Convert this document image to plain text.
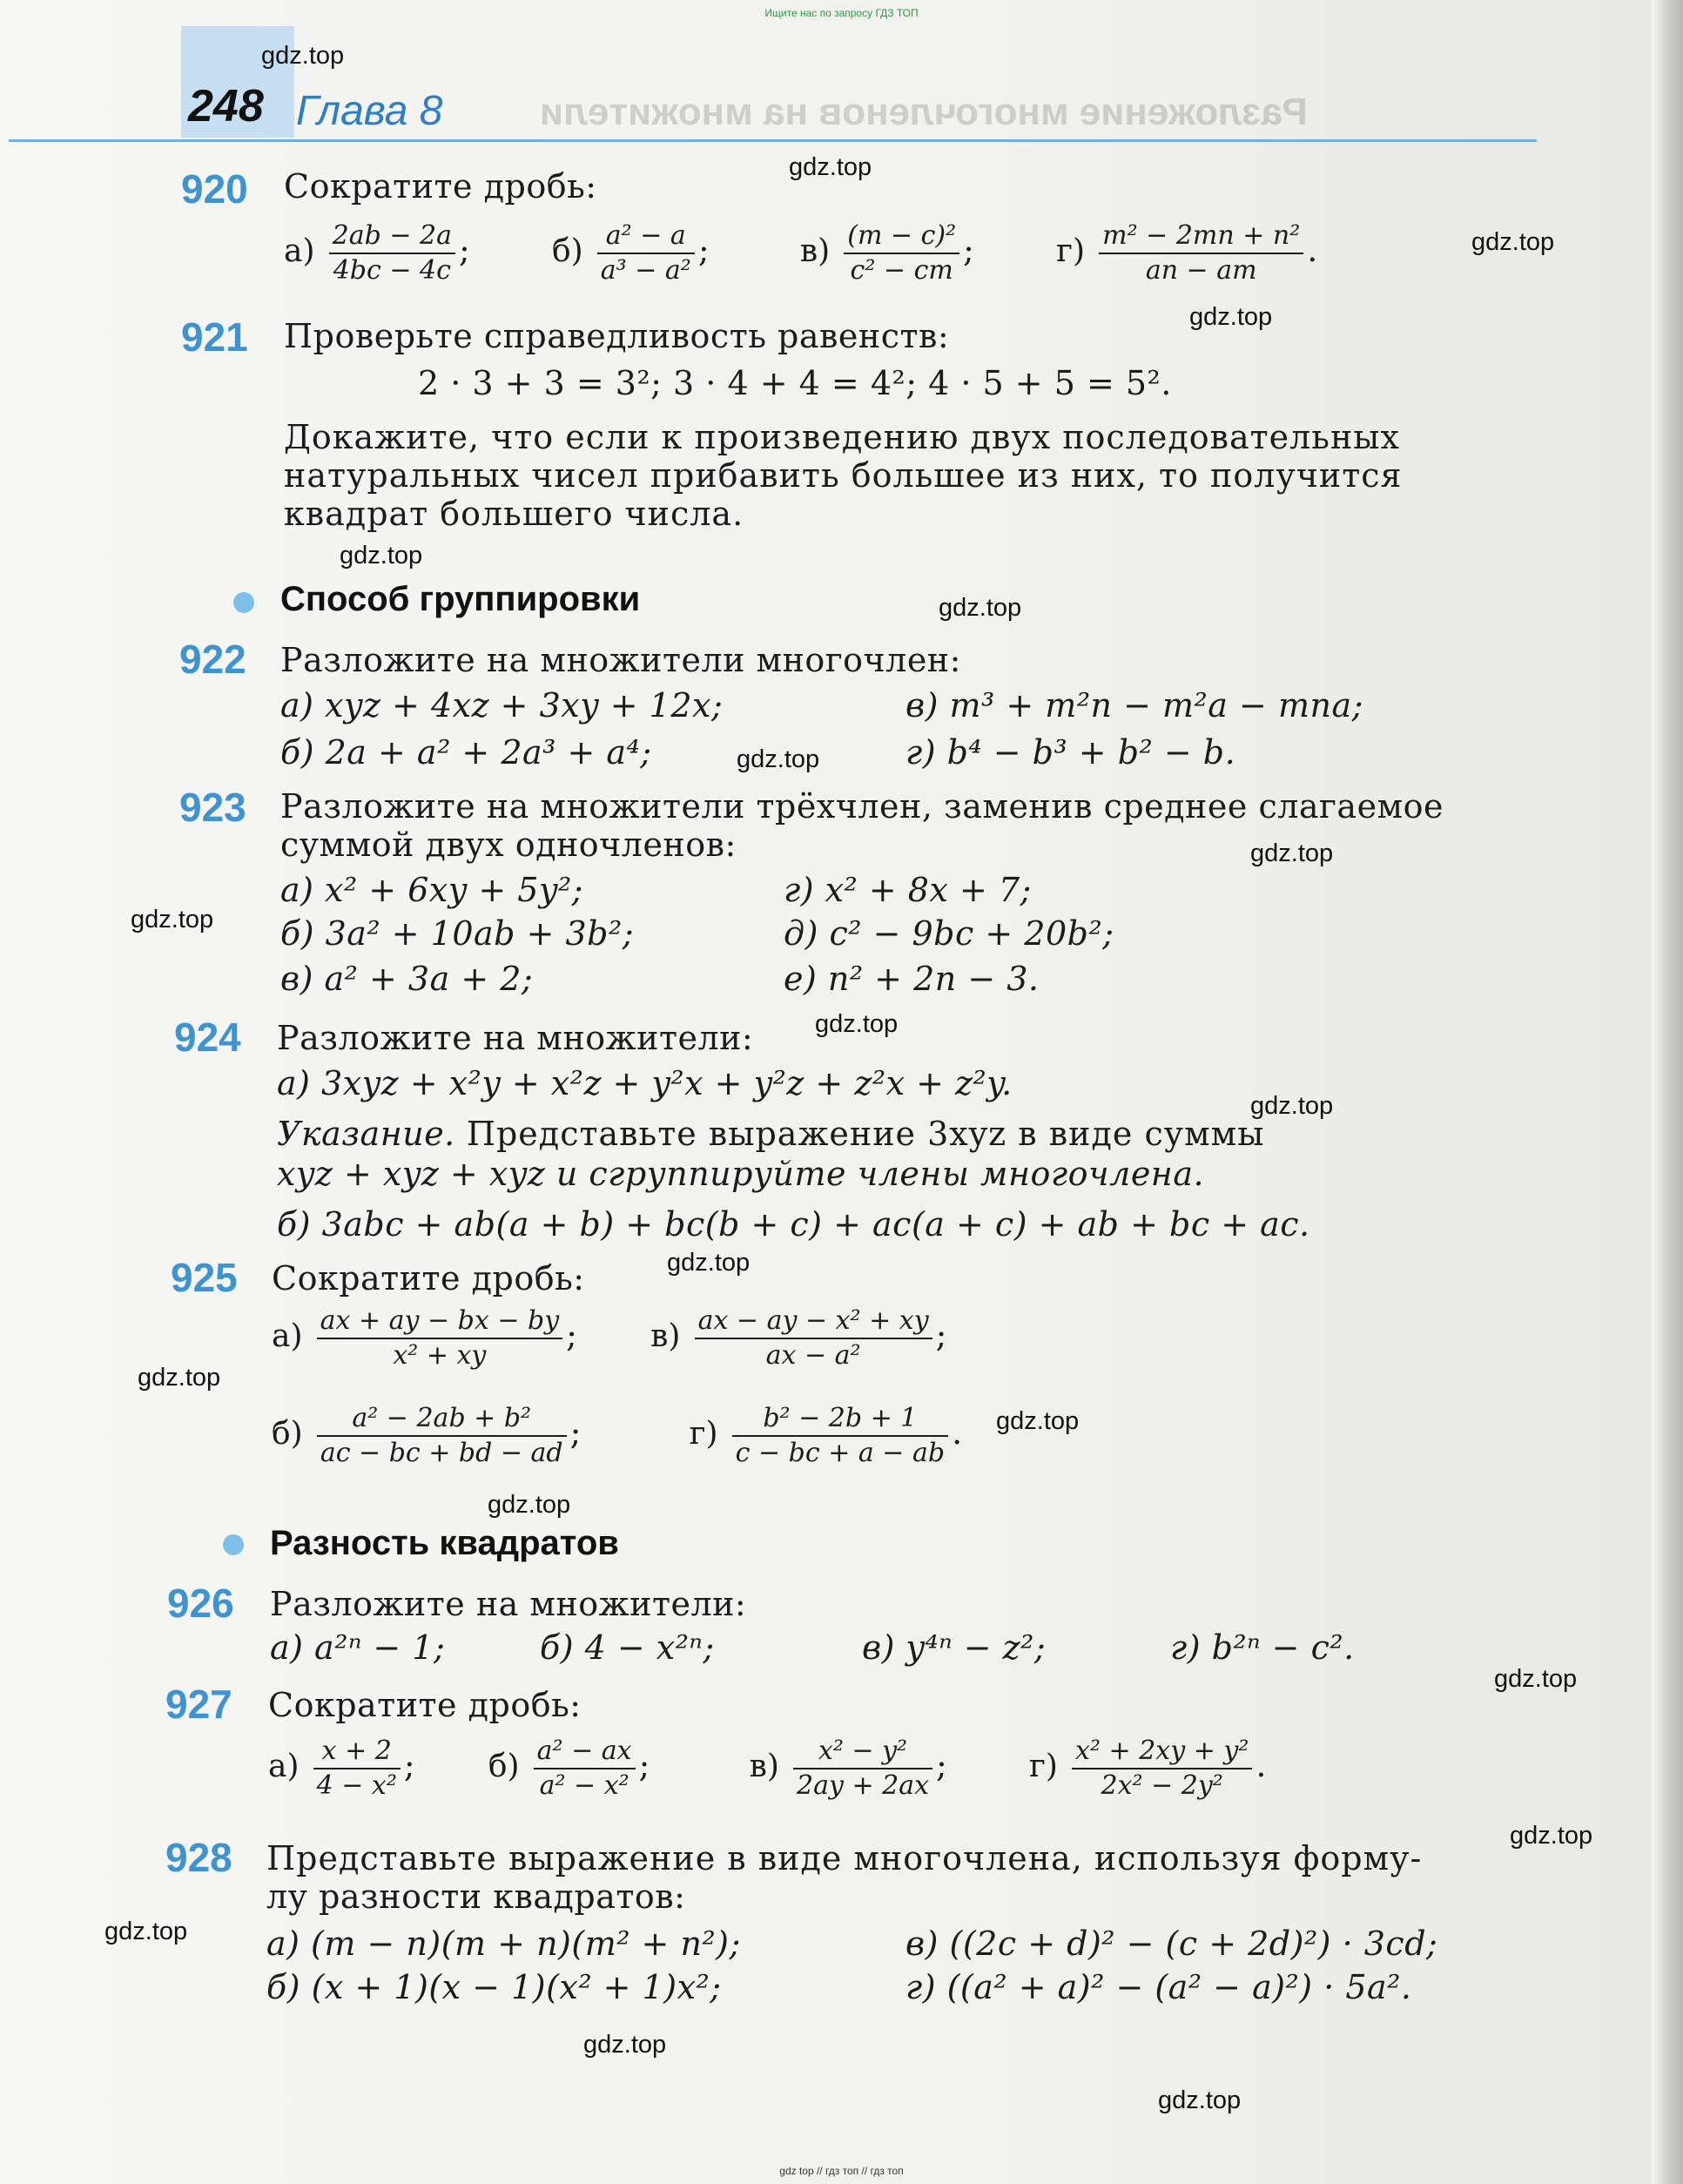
Ищите нас по запросу ГДЗ ТОП
gdz top // гдз топ // гдз топ
Разложение многочленов на множители
248 Глава 8
920 Сократите дробь:
$а) \frac{2ab - 2a}{4bc - 4c}$ ;	$б) \frac{\text{a² − a}}{\text{a³ − a²}}$ ;	$в) \frac{\text{(m − c)²}}{\text{c² − cm}}$ ;	$г) \frac{\text{m² − 2mn + n²}}{an - am}$ .
921 Проверьте справедливость равенств:
2 · 3 + 3 = 3²; 3 · 4 + 4 = 4²; 4 · 5 + 5 = 5².
Докажите, что если к произведению двух последовательных
натуральных чисел прибавить большее из них, то получится
квадрат большего числа.
Способ группировки
922 Разложите на множители многочлен:
а) xyz + 4xz + 3xy + 12x;	в) m³ + m²n − m²a − mna;
б) 2a + a² + 2a³ + a⁴;	г) b⁴ − b³ + b² − b.
923 Разложите на множители трёхчлен, заменив среднее слагаемое
суммой двух одночленов:
а) x² + 6xy + 5y²;	г) x² + 8x + 7;
б) 3a² + 10ab + 3b²;	д) c² − 9bc + 20b²;
в) a² + 3a + 2;	е) n² + 2n − 3.
924 Разложите на множители:
а) 3xyz + x²y + x²z + y²x + y²z + z²x + z²y.
Указание. Представьте выражение 3xyz в виде суммы
xyz + xyz + xyz и сгруппируйте члены многочлена.
б) 3abc + ab(a + b) + bc(b + c) + ac(a + c) + ab + bc + ac.
925 Сократите дробь:
$а) \frac{ax + ay - bx - by}{\text{x² + xy}}$ ; $в) \frac{\text{ax − ay − x² + xy}}{\text{ax − a²}}$ ;
$б) \frac{\text{a² − 2ab + b²}}{ac - bc + bd - ad}$ ;	$г) \frac{\text{b² − 2b + 1}}{c - bc + a - ab}$ .
Разность квадратов
926 Разложите на множители:
а) a²ⁿ − 1;	б) 4 − x²ⁿ;	в) y⁴ⁿ − z²;	г) b²ⁿ − c².
927 Сократите дробь:
$а) \frac{x + 2}{\text{4 − x²}}$ ; $б) \frac{\text{a² − ax}}{\text{a² − x²}}$ ;	$в) \frac{\text{x² − y²}}{2ay + 2ax}$ ;	$г) \frac{\text{x² + 2xy + y²}}{\text{2x² − 2y²}}$ .
928 Представьте выражение в виде многочлена, используя форму-
лу разности квадратов:
а) (m − n)(m + n)(m² + n²);	в) ((2c + d)² − (c + 2d)²) · 3cd;
б) (x + 1)(x − 1)(x² + 1)x²;	г) ((a² + a)² − (a² − a)²) · 5a².
gdz.top
gdz.top
gdz.top
gdz.top
gdz.top
gdz.top
gdz.top
gdz.top
gdz.top
gdz.top
gdz.top
gdz.top
gdz.top
gdz.top
gdz.top
gdz.top
gdz.top
gdz.top
gdz.top
gdz.top
